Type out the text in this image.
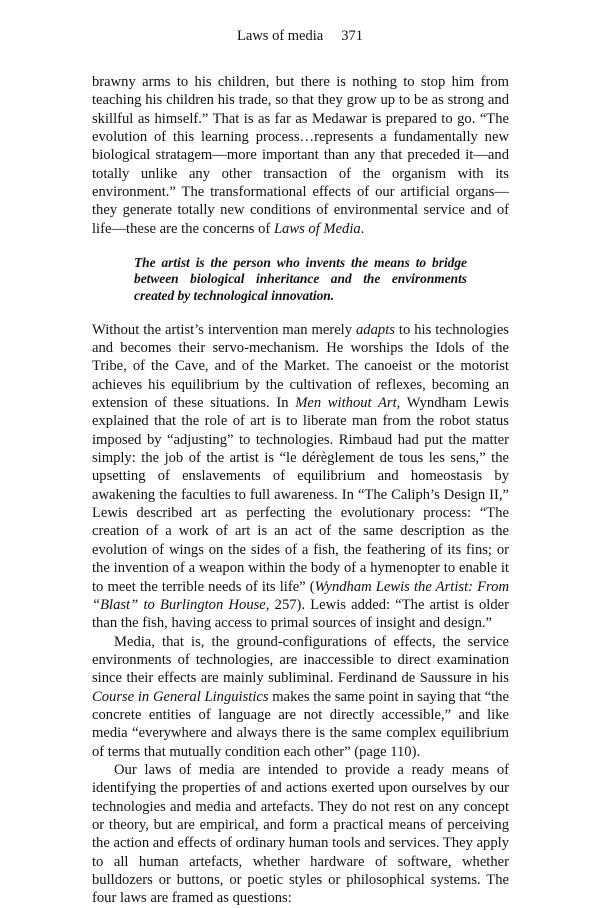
Laws of media 371

brawny arms to his children, but there is nothing to stop him from teaching his children his trade, so that they grow up to be as strong and skillful as himself.” That is as far as Medawar is prepared to go. “The evolution of this learning process…represents a fundamentally new biological stratagem—more important than any that preceded it—and totally unlike any other transaction of the organism with its environment.” The transformational effects of our artificial organs—they generate totally new conditions of environmental service and of life—these are the concerns of Laws of Media.

The artist is the person who invents the means to bridge between biological inheritance and the environments created by technological innovation.

Without the artist’s intervention man merely adapts to his technologies and becomes their servo-mechanism. He worships the Idols of the Tribe, of the Cave, and of the Market. The canoeist or the motorist achieves his equilibrium by the cultivation of reflexes, becoming an extension of these situations. In Men without Art, Wyndham Lewis explained that the role of art is to liberate man from the robot status imposed by “adjusting” to technologies. Rimbaud had put the matter simply: the job of the artist is “le dérèglement de tous les sens,” the upsetting of enslavements of equilibrium and homeostasis by awakening the faculties to full awareness. In “The Caliph’s Design II,” Lewis described art as perfecting the evolutionary process: “The creation of a work of art is an act of the same description as the evolution of wings on the sides of a fish, the feathering of its fins; or the invention of a weapon within the body of a hymenopter to enable it to meet the terrible needs of its life” (Wyndham Lewis the Artist: From “Blast” to Burlington House, 257). Lewis added: “The artist is older than the fish, having access to primal sources of insight and design.”

Media, that is, the ground-configurations of effects, the service environments of technologies, are inaccessible to direct examination since their effects are mainly subliminal. Ferdinand de Saussure in his Course in General Linguistics makes the same point in saying that “the concrete entities of language are not directly accessible,” and like media “everywhere and always there is the same complex equilibrium of terms that mutually condition each other” (page 110).

Our laws of media are intended to provide a ready means of identifying the properties of and actions exerted upon ourselves by our technologies and media and artefacts. They do not rest on any concept or theory, but are empirical, and form a practical means of perceiving the action and effects of ordinary human tools and services. They apply to all human artefacts, whether hardware of software, whether bulldozers or buttons, or poetic styles or philosophical systems. The four laws are framed as questions:
